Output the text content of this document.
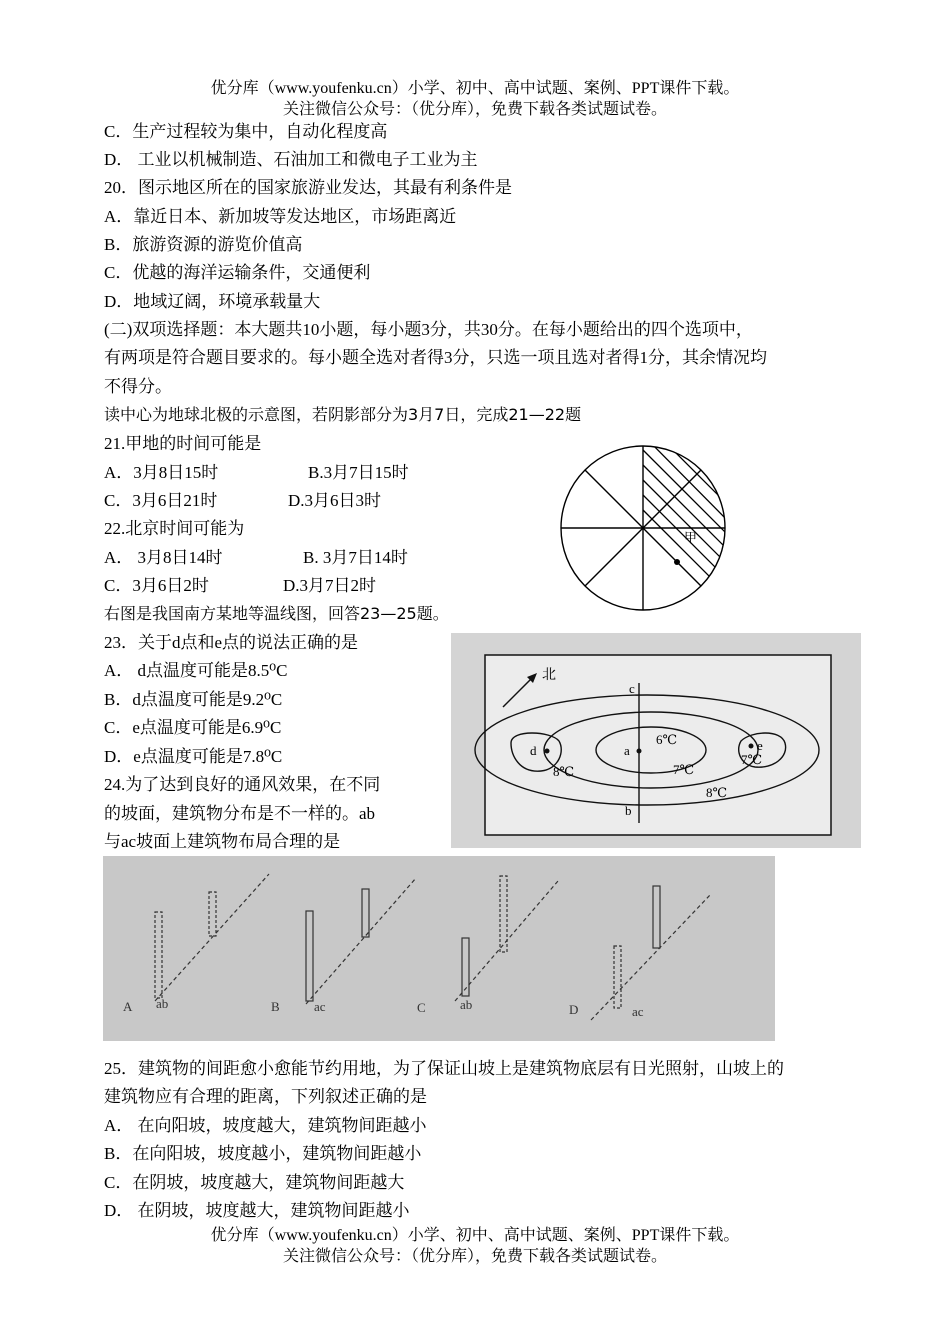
优分库（www.youfenku.cn）小学、初中、高中试题、案例、PPT课件下载。
关注微信公众号：（优分库），免费下载各类试题试卷。
C．生产过程较为集中，自动化程度高
D． 工业以机械制造、石油加工和微电子工业为主
20．图示地区所在的国家旅游业发达，其最有利条件是
A．靠近日本、新加坡等发达地区，市场距离近
B．旅游资源的游览价值高
C．优越的海洋运输条件，交通便利
D．地域辽阔，环境承载量大
(二)双项选择题：本大题共10小题，每小题3分，共30分。在每小题给出的四个选项中，
有两项是符合题目要求的。每小题全选对者得3分，只选一项且选对者得1分，其余情况均
不得分。
读中心为地球北极的示意图，若阴影部分为3月7日，完成21—22题
21.甲地的时间可能是
A．3月8日15时	B.3月7日15时
C．3月6日21时	D.3月6日3时
22.北京时间可能为
A． 3月8日14时	B. 3月7日14时
C．3月6日2时	D.3月7日2时
右图是我国南方某地等温线图，回答23—25题。
23．关于d点和e点的说法正确的是
A． d点温度可能是8.5⁰C
B．d点温度可能是9.2⁰C
C．e点温度可能是6.9⁰C
D．e点温度可能是7.8⁰C
24.为了达到良好的通风效果，在不同
的坡面，建筑物分布是不一样的。ab
与ac坡面上建筑物布局合理的是
甲
北
c
a
b
d	e
6℃
7℃
7℃
8℃
8℃
A ab	B	ac	C	ab	D	ac
25．建筑物的间距愈小愈能节约用地，为了保证山坡上是建筑物底层有日光照射，山坡上的
建筑物应有合理的距离，下列叙述正确的是
A． 在向阳坡，坡度越大，建筑物间距越小
B．在向阳坡，坡度越小，建筑物间距越小
C．在阴坡，坡度越大，建筑物间距越大
D． 在阴坡，坡度越大，建筑物间距越小
优分库（www.youfenku.cn）小学、初中、高中试题、案例、PPT课件下载。
关注微信公众号：（优分库），免费下载各类试题试卷。
